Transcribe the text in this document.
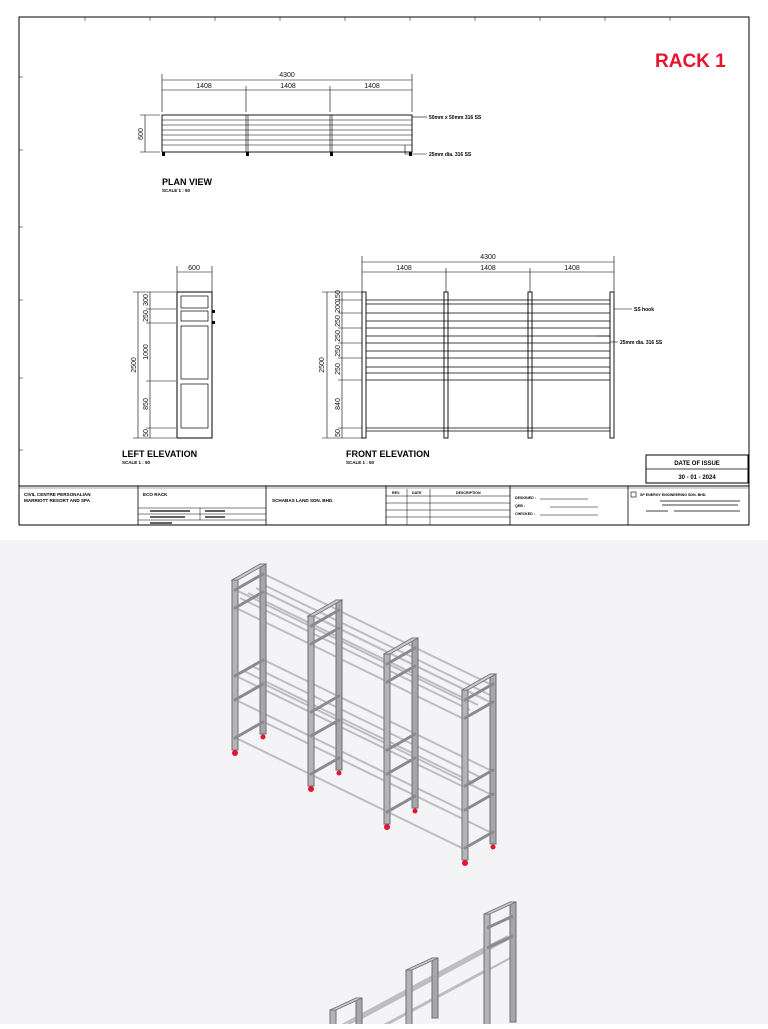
RACK 1
4300
1408	1408	1408
600
50mm x 50mm 316 SS
25mm dia. 316 SS
PLAN VIEW
SCALE 1 : 50
600
2500
300
250
1000
850
50
LEFT ELEVATION
SCALE 1 : 50
4300
1408	1408	1408
2500
150
200
250
250
250
250
840
50
SS hook
25mm dia. 316 SS
FRONT ELEVATION
SCALE 1 : 50	DATE OF ISSUE
30 - 01 - 2024
CIVIL CENTRE PERSONALIAN
MARRIOTT RESORT AND SPA
ECO RACK
SCHABAS LAND SDN. BHD.
REV.	DATE	DESCRIPTION
DESIGNED :
QEB :
CHECKED :
SP ENERGY ENGINEERING SDN. BHD.
